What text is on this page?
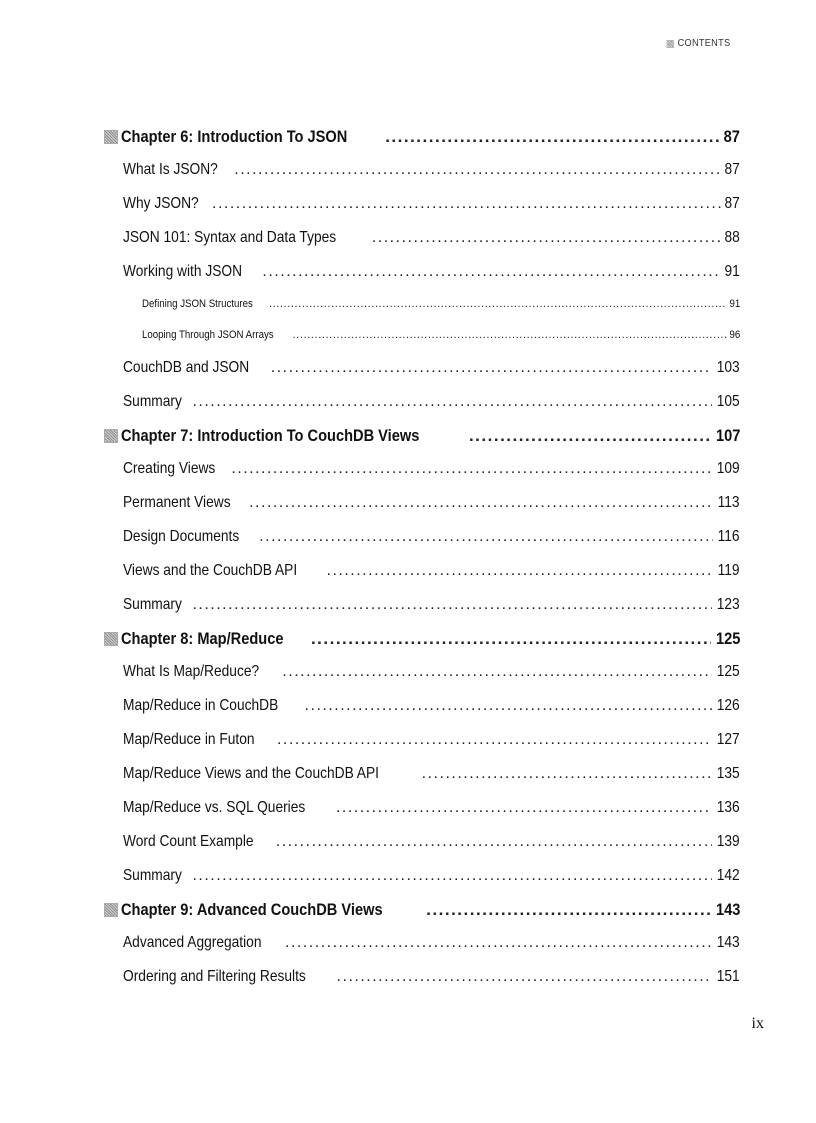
CONTENTS
Chapter 6: Introduction To JSON .....	87
What Is JSON? .....	87
Why JSON? .....	87
JSON 101: Syntax and Data Types .....	88
Working with JSON .....	91
Defining JSON Structures .....	91
Looping Through JSON Arrays .....	96
CouchDB and JSON .....	103
Summary .....	105
Chapter 7: Introduction To CouchDB Views .....	107
Creating Views .....	109
Permanent Views .....	113
Design Documents .....	116
Views and the CouchDB API .....	119
Summary .....	123
Chapter 8: Map/Reduce .....	125
What Is Map/Reduce? .....	125
Map/Reduce in CouchDB .....	126
Map/Reduce in Futon .....	127
Map/Reduce Views and the CouchDB API .....	135
Map/Reduce vs. SQL Queries .....	136
Word Count Example .....	139
Summary .....	142
Chapter 9: Advanced CouchDB Views .....	143
Advanced Aggregation .....	143
Ordering and Filtering Results .....	151
ix
